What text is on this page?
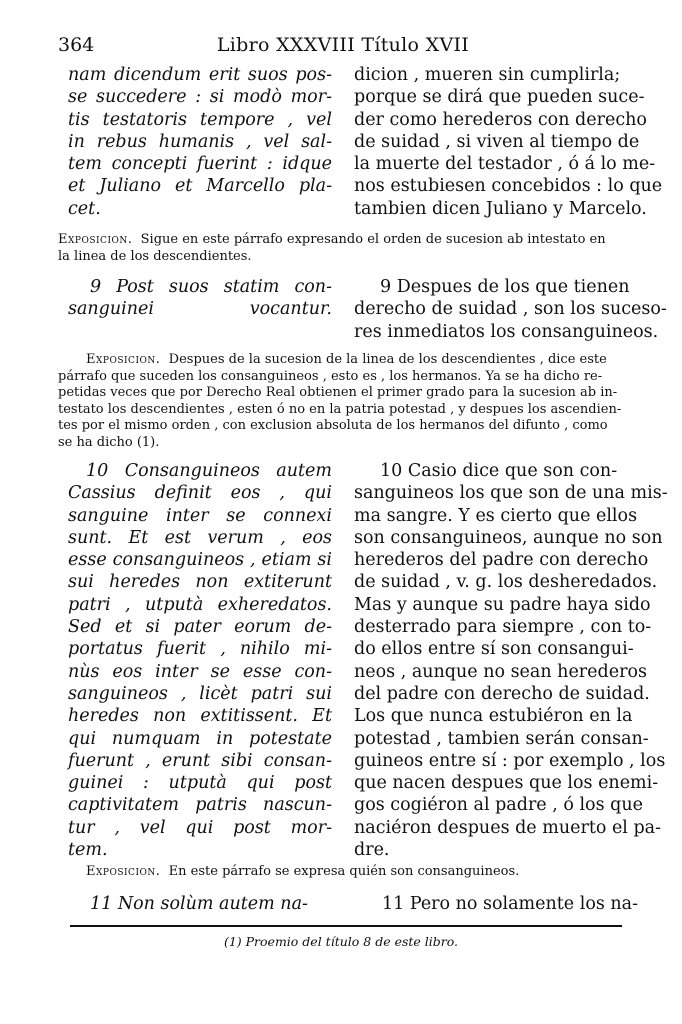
364	Libro XXXVIII Título XVII
nam dicendum erit suos pos-
se succedere : si modò mor-
tis testatoris tempore , vel
in rebus humanis , vel sal-
tem concepti fuerint : idque
et Juliano et Marcello pla-
cet.
dicion , mueren sin cumplirla;
porque se dirá que pueden suce-
der como herederos con derecho
de suidad , si viven al tiempo de
la muerte del testador , ó á lo me-
nos estubiesen concebidos : lo que
tambien dicen Juliano y Marcelo.
Exposicion. Sigue en este párrafo expresando el orden de sucesion ab intestato en
la linea de los descendientes.
9 Post suos statim con-
sanguinei vocantur.
9 Despues de los que tienen
derecho de suidad , son los suceso-
res inmediatos los consanguineos.
Exposicion. Despues de la sucesion de la linea de los descendientes , dice este
párrafo que suceden los consanguineos , esto es , los hermanos. Ya se ha dicho re-
petidas veces que por Derecho Real obtienen el primer grado para la sucesion ab in-
testato los descendientes , esten ó no en la patria potestad , y despues los ascendien-
tes por el mismo orden , con exclusion absoluta de los hermanos del difunto , como
se ha dicho (1).
10 Consanguineos autem
Cassius definit eos , qui
sanguine inter se connexi
sunt. Et est verum , eos
esse consanguineos , etiam si
sui heredes non extiterunt
patri , utputà exheredatos.
Sed et si pater eorum de-
portatus fuerit , nihilo mi-
nùs eos inter se esse con-
sanguineos , licèt patri sui
heredes non extitissent. Et
qui numquam in potestate
fuerunt , erunt sibi consan-
guinei : utputà qui post
captivitatem patris nascun-
tur , vel qui post mor-
tem.
10 Casio dice que son con-
sanguineos los que son de una mis-
ma sangre. Y es cierto que ellos
son consanguineos, aunque no son
herederos del padre con derecho
de suidad , v. g. los desheredados.
Mas y aunque su padre haya sido
desterrado para siempre , con to-
do ellos entre sí son consangui-
neos , aunque no sean herederos
del padre con derecho de suidad.
Los que nunca estubiéron en la
potestad , tambien serán consan-
guineos entre sí : por exemplo , los
que nacen despues que los enemi-
gos cogiéron al padre , ó los que
naciéron despues de muerto el pa-
dre.
Exposicion. En este párrafo se expresa quién son consanguineos.
11 Non solùm autem na-	11 Pero no solamente los na-
(1) Proemio del título 8 de este libro.
